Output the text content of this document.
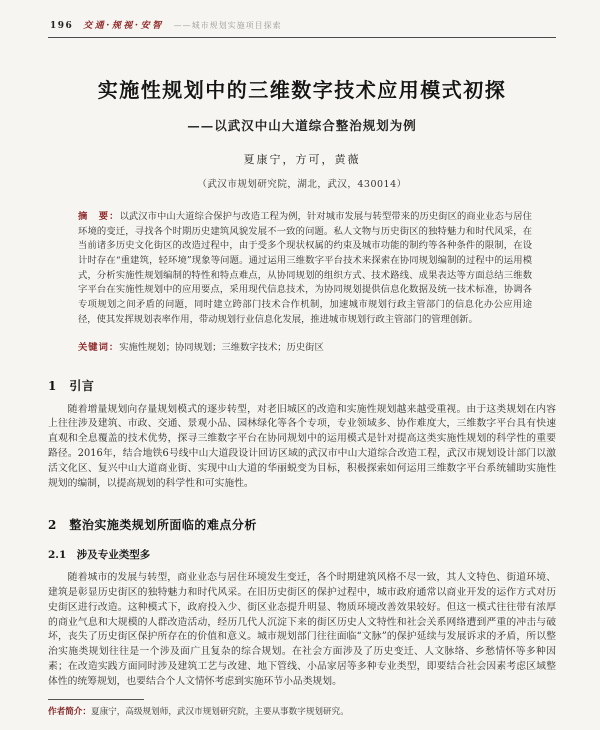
196 交通·规视·安智 ——城市规划实施项目探索
实施性规划中的三维数字技术应用模式初探
——以武汉中山大道综合整治规划为例
夏康宁，方可，黄薇
（武汉市规划研究院，湖北，武汉，430014）

摘　要：以武汉市中山大道综合保护与改造工程为例，针对城市发展与转型带来的历史街区的商业业态与居住环境的变迁，寻找各个时期历史建筑风貌发展不一致的问题。私人文物与历史街区的独特魅力和时代风采，在当前诸多历史文化街区的改造过程中，由于受多个现状权属的约束及城市功能的制约等各种条件的限制，在设计时存在“重建筑，轻环境”现象等问题。通过运用三维数字平台技术来探索在协同规划编制的过程中的运用模式，分析实施性规划编制的特性和特点难点，从协同规划的组织方式、技术路线、成果表达等方面总结三维数字平台在实施性规划中的应用要点，采用现代信息技术，为协同规划提供信息化数据及统一技术标准，协调各专项规划之间矛盾的问题，同时建立跨部门技术合作机制，加速城市规划行政主管部门的信息化办公应用途径，使其发挥规划表率作用，带动规划行业信息化发展，推进城市规划行政主管部门的管理创新。

关键词：实施性规划；协同规划；三维数字技术；历史街区

1　引言

随着增量规划向存量规划模式的逐步转型，对老旧城区的改造和实施性规划越来越受重视。由于这类规划在内容上往往涉及建筑、市政、交通、景观小品、园林绿化等各个专项，专业领域多、协作难度大，三维数字平台具有快速直观和全息覆盖的技术优势，探寻三维数字平台在协同规划中的运用模式是针对提高这类实施性规划的科学性的重要路径。2016年，结合地铁6号线中山大道段设计回访区域的武汉市中山大道综合改造工程，武汉市规划设计部门以激活文化区、复兴中山大道商业街、实现中山大道的华丽蜕变为目标，积极探索如何运用三维数字平台系统辅助实施性规划的编制，以提高规划的科学性和可实施性。

2　整治实施类规划所面临的难点分析
2.1　涉及专业类型多

随着城市的发展与转型，商业业态与居住环境发生变迁，各个时期建筑风格不尽一致，其人文特色、街道环境、建筑是彰显历史街区的独特魅力和时代风采。在旧历史街区的保护过程中，城市政府通常以商业开发的运作方式对历史街区进行改造。这种模式下，政府投入少、街区业态提升明显、物质环境改善效果较好。但这一模式往往带有浓厚的商业气息和大规模的人群改造活动，经历几代人沉淀下来的街区历史人文特性和社会关系网络遭到严重的冲击与破坏，丧失了历史街区保护所存在的价值和意义。城市规划部门往往面临“文脉”的保护延续与发展诉求的矛盾，所以整治实施类规划往往是一个涉及面广且复杂的综合规划。在社会方面涉及了历史变迁、人文脉络、乡愁情怀等多种因素；在改造实践方面同时涉及建筑工艺与改建、地下管线、小品家居等多种专业类型，即要结合社会因素考虑区域整体性的统筹规划，也要结合个人文情怀考虑到实施环节小品类规划。

作者简介：夏康宁，高级规划师，武汉市规划研究院，主要从事数字规划研究。
